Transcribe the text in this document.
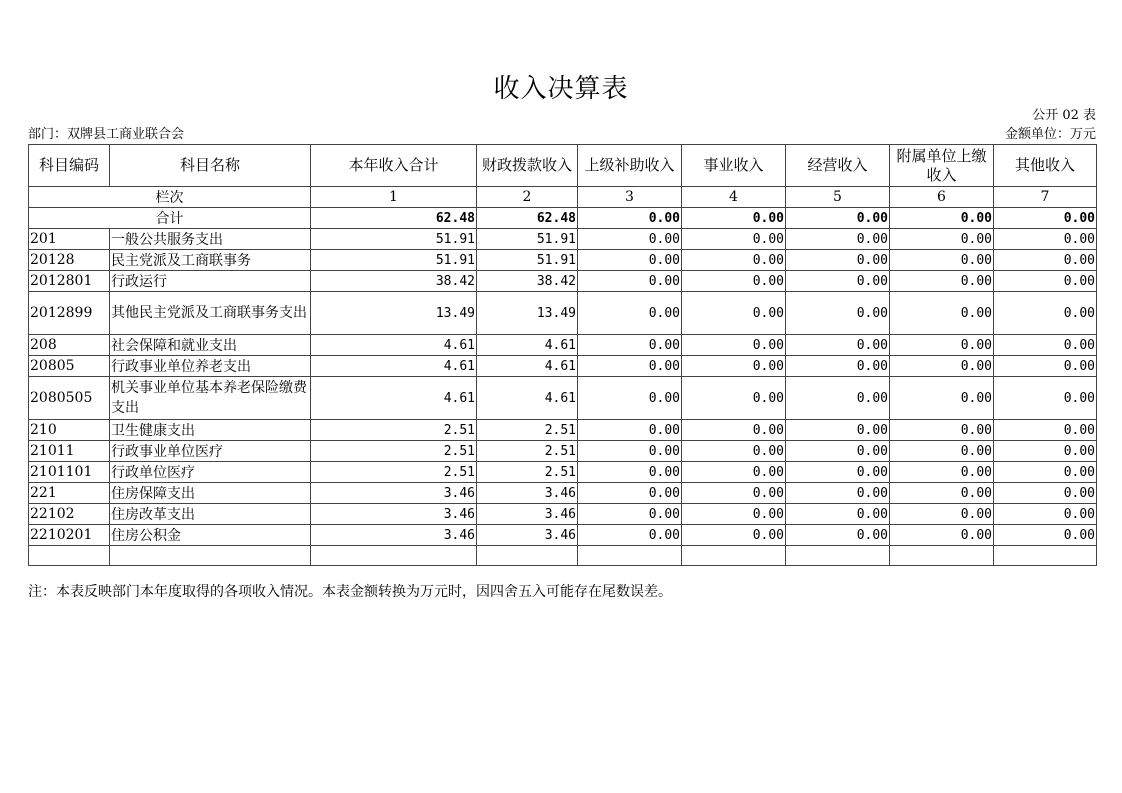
收入决算表
公开 02 表
部门：双牌县工商业联合会	金额单位：万元
科目编码	科目名称	本年收入合计	财政拨款收入	上级补助收入	事业收入	经营收入	附属单位上缴收入	其他收入
栏次		1	2	3	4	5	6	7
合计		62.48	62.48	0.00	0.00	0.00	0.00	0.00
201	一般公共服务支出	51.91	51.91	0.00	0.00	0.00	0.00	0.00
20128	民主党派及工商联事务	51.91	51.91	0.00	0.00	0.00	0.00	0.00
2012801	行政运行	38.42	38.42	0.00	0.00	0.00	0.00	0.00
2012899	其他民主党派及工商联事务支出	13.49	13.49	0.00	0.00	0.00	0.00	0.00
208	社会保障和就业支出	4.61	4.61	0.00	0.00	0.00	0.00	0.00
20805	行政事业单位养老支出	4.61	4.61	0.00	0.00	0.00	0.00	0.00
2080505	机关事业单位基本养老保险缴费支出	4.61	4.61	0.00	0.00	0.00	0.00	0.00
210	卫生健康支出	2.51	2.51	0.00	0.00	0.00	0.00	0.00
21011	行政事业单位医疗	2.51	2.51	0.00	0.00	0.00	0.00	0.00
2101101	行政单位医疗	2.51	2.51	0.00	0.00	0.00	0.00	0.00
221	住房保障支出	3.46	3.46	0.00	0.00	0.00	0.00	0.00
22102	住房改革支出	3.46	3.46	0.00	0.00	0.00	0.00	0.00
2210201	住房公积金	3.46	3.46	0.00	0.00	0.00	0.00	0.00

注：本表反映部门本年度取得的各项收入情况。本表金额转换为万元时，因四舍五入可能存在尾数误差。
